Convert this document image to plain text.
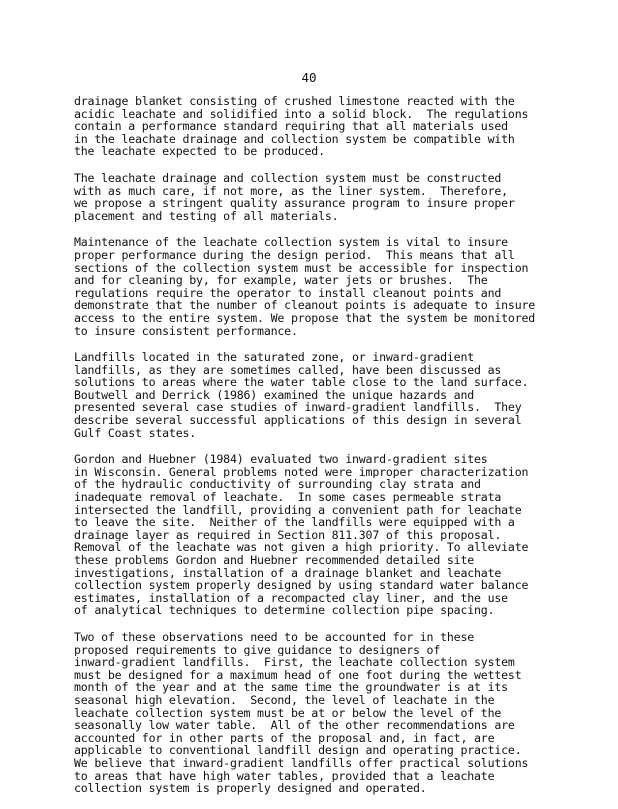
40
drainage blanket consisting of crushed limestone reacted with the
acidic leachate and solidified into a solid block.  The regulations
contain a performance standard requiring that all materials used
in the leachate drainage and collection system be compatible with
the leachate expected to be produced.
The leachate drainage and collection system must be constructed
with as much care, if not more, as the liner system.  Therefore,
we propose a stringent quality assurance program to insure proper
placement and testing of all materials.
Maintenance of the leachate collection system is vital to insure
proper performance during the design period.  This means that all
sections of the collection system must be accessible for inspection
and for cleaning by, for example, water jets or brushes.  The
regulations require the operator to install cleanout points and
demonstrate that the number of cleanout points is adequate to insure
access to the entire system. We propose that the system be monitored
to insure consistent performance.
Landfills located in the saturated zone, or inward-gradient
landfills, as they are sometimes called, have been discussed as
solutions to areas where the water table close to the land surface.
Boutwell and Derrick (1986) examined the unique hazards and
presented several case studies of inward-gradient landfills.  They
describe several successful applications of this design in several
Gulf Coast states.
Gordon and Huebner (1984) evaluated two inward-gradient sites
in Wisconsin. General problems noted were improper characterization
of the hydraulic conductivity of surrounding clay strata and
inadequate removal of leachate.  In some cases permeable strata
intersected the landfill, providing a convenient path for leachate
to leave the site.  Neither of the landfills were equipped with a
drainage layer as required in Section 811.307 of this proposal.
Removal of the leachate was not given a high priority. To alleviate
these problems Gordon and Huebner recommended detailed site
investigations, installation of a drainage blanket and leachate
collection system properly designed by using standard water balance
estimates, installation of a recompacted clay liner, and the use
of analytical techniques to determine collection pipe spacing.
Two of these observations need to be accounted for in these
proposed requirements to give guidance to designers of
inward-gradient landfills.  First, the leachate collection system
must be designed for a maximum head of one foot during the wettest
month of the year and at the same time the groundwater is at its
seasonal high elevation.  Second, the level of leachate in the
leachate collection system must be at or below the level of the
seasonally low water table.  All of the other recommendations are
accounted for in other parts of the proposal and, in fact, are
applicable to conventional landfill design and operating practice.
We believe that inward-gradient landfills offer practical solutions
to areas that have high water tables, provided that a leachate
collection system is properly designed and operated.
